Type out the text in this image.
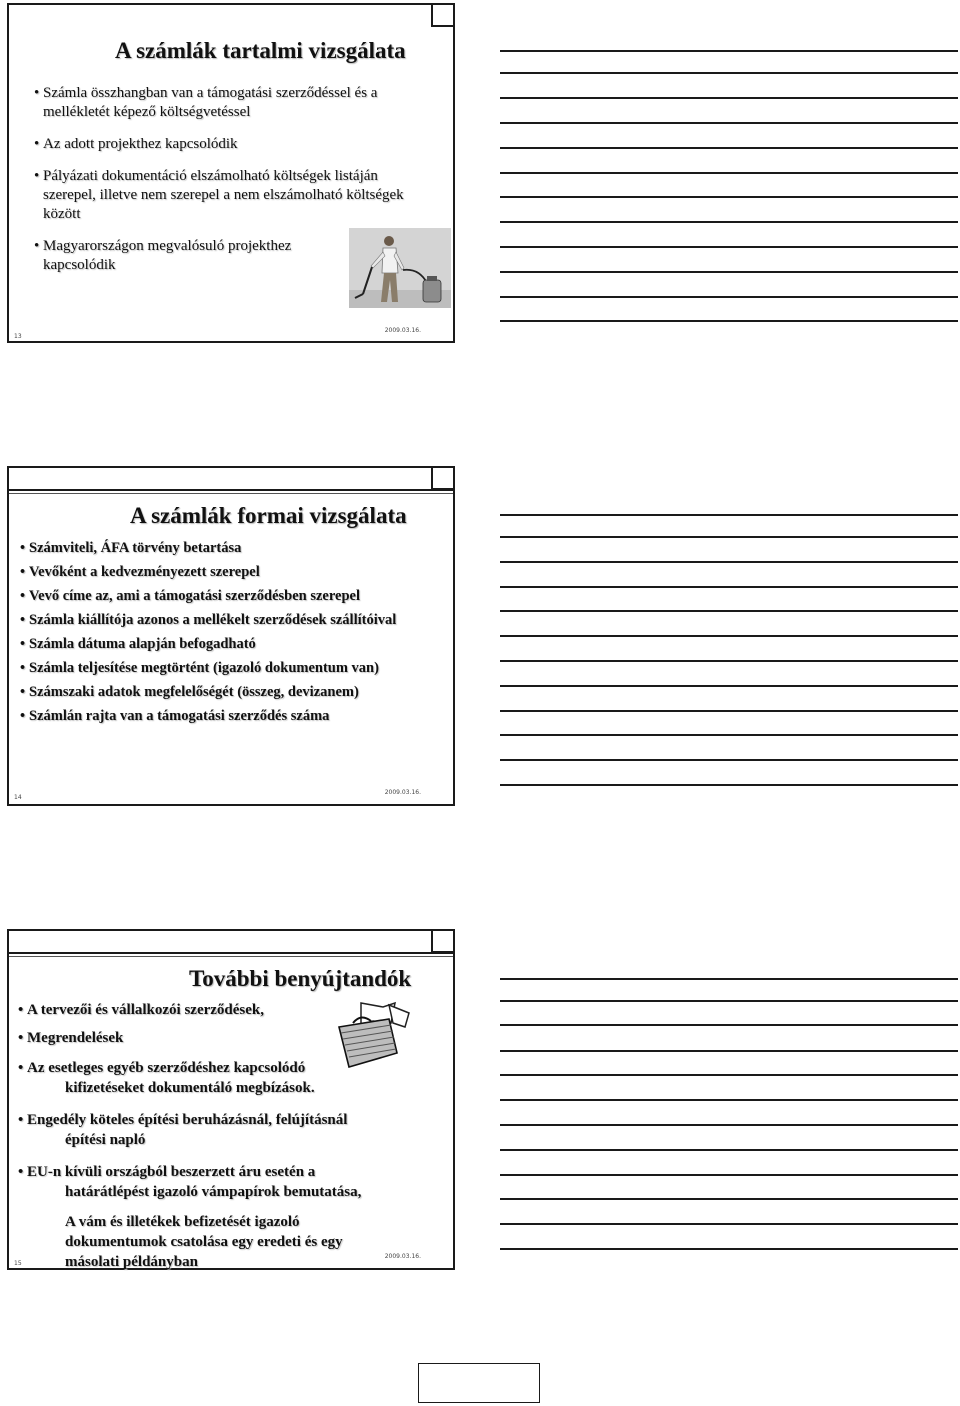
A számlák tartalmi vizsgálata
• Számla összhangban van a támogatási szerződéssel és a mellékletét képező költségvetéssel
• Az adott projekthez kapcsolódik
• Pályázati dokumentáció elszámolható költségek listáján szerepel, illetve nem szerepel a nem elszámolható költségek között
• Magyarországon megvalósuló projekthez kapcsolódik
13
2009.03.16.
A számlák formai vizsgálata
• Számviteli, ÁFA törvény betartása
• Vevőként a kedvezményezett szerepel
• Vevő címe az, ami a támogatási szerződésben szerepel
• Számla kiállítója azonos a mellékelt szerződések szállítóival
• Számla dátuma alapján befogadható
• Számla teljesítése megtörtént (igazoló dokumentum van)
• Számszaki adatok megfelelőségét (összeg, devizanem)
• Számlán rajta van a támogatási szerződés száma
14
2009.03.16.
További benyújtandók
• A tervezői és vállalkozói szerződések,
• Megrendelések
• Az esetleges egyéb szerződéshez kapcsolódó
kifizetéseket dokumentáló megbízások.
• Engedély köteles építési beruházásnál, felújításnál
építési napló
• EU-n kívüli országból beszerzett áru esetén a
határátlépést igazoló vámpapírok bemutatása,
A vám és illetékek befizetését igazoló dokumentumok csatolása egy eredeti és egy másolati példányban
15
2009.03.16.
